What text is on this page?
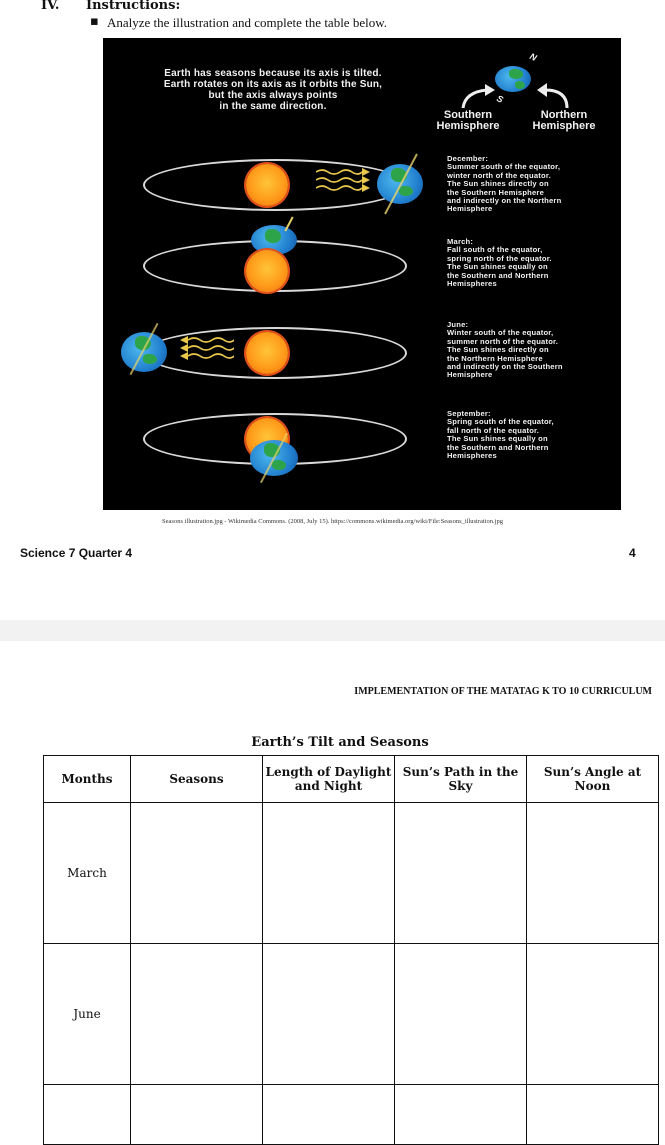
IV. Instructions:
▪ Analyze the illustration and complete the table below.
Earth has seasons because its axis is tilted.
Earth rotates on its axis as it orbits the Sun,
but the axis always points
in the same direction.
N
S
Southern
Hemisphere
Northern
Hemisphere
December:
Summer south of the equator,
winter north of the equator.
The Sun shines directly on
the Southern Hemisphere
and indirectly on the Northern
Hemisphere
March:
Fall south of the equator,
spring north of the equator.
The Sun shines equally on
the Southern and Northern
Hemispheres
June:
Winter south of the equator,
summer north of the equator.
The Sun shines directly on
the Northern Hemisphere
and indirectly on the Southern
Hemisphere
September:
Spring south of the equator,
fall north of the equator.
The Sun shines equally on
the Southern and Northern
Hemispheres
Seasons illustration.jpg - Wikimedia Commons. (2008, July 15). https://commons.wikimedia.org/wiki/File:Seasons_illustration.jpg
Science 7 Quarter 4	4
IMPLEMENTATION OF THE MATATAG K TO 10 CURRICULUM
Earth’s Tilt and Seasons
Months	Seasons	Length of Daylight and Night	Sun’s Path in the Sky	Sun’s Angle at Noon
March				
June				
